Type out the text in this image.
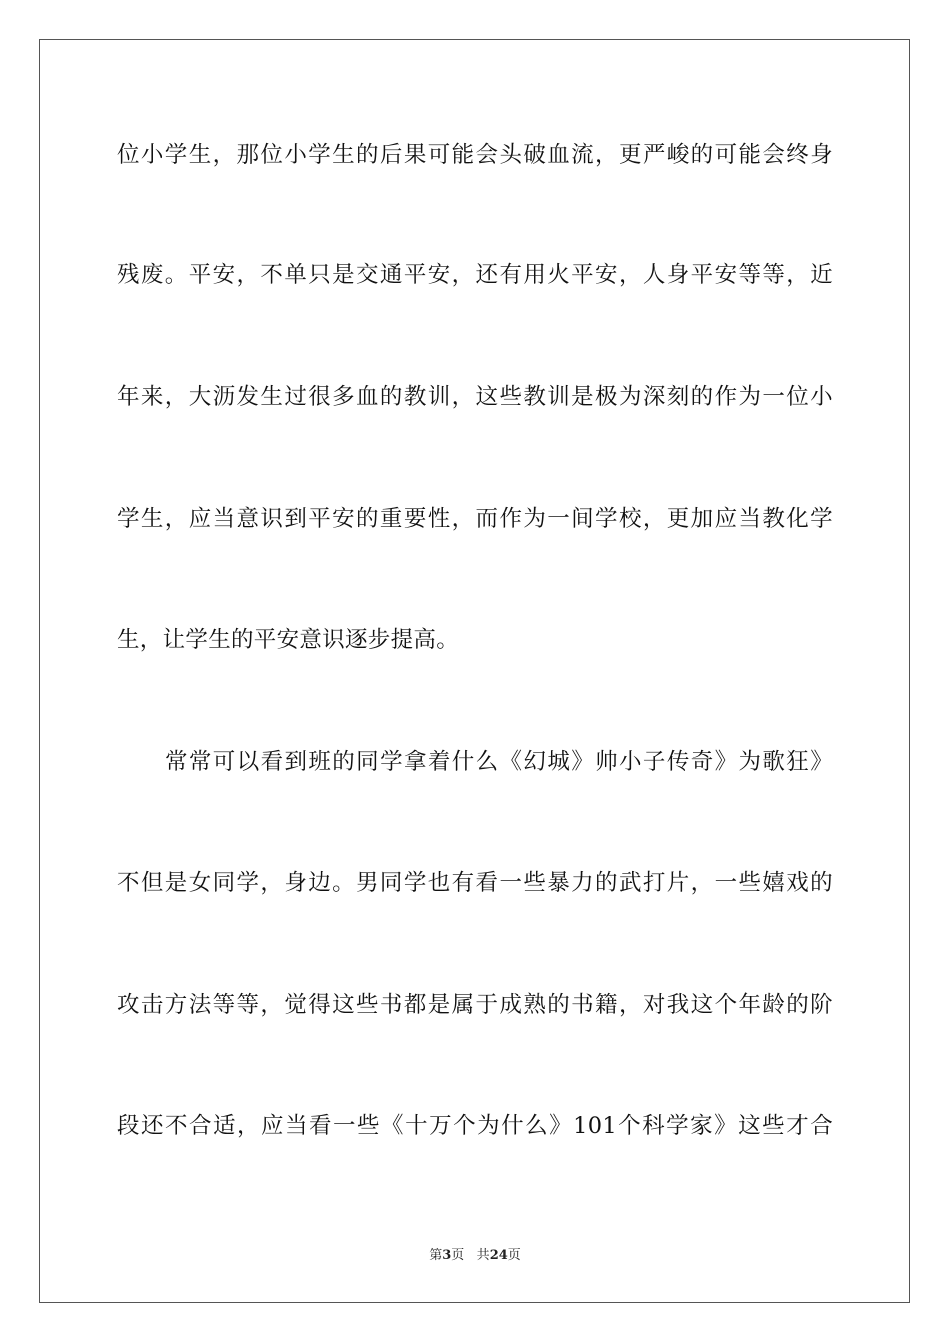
位小学生，那位小学生的后果可能会头破血流，更严峻的可能会终身
残废。平安，不单只是交通平安，还有用火平安，人身平安等等，近
年来，大沥发生过很多血的教训，这些教训是极为深刻的作为一位小
学生，应当意识到平安的重要性，而作为一间学校，更加应当教化学
生，让学生的平安意识逐步提高。
常常可以看到班的同学拿着什么《幻城》帅小子传奇》为歌狂》
不但是女同学，身边。男同学也有看一些暴力的武打片，一些嬉戏的
攻击方法等等，觉得这些书都是属于成熟的书籍，对我这个年龄的阶
段还不合适，应当看一些《十万个为什么》101个科学家》这些才合
第3页 共24页
